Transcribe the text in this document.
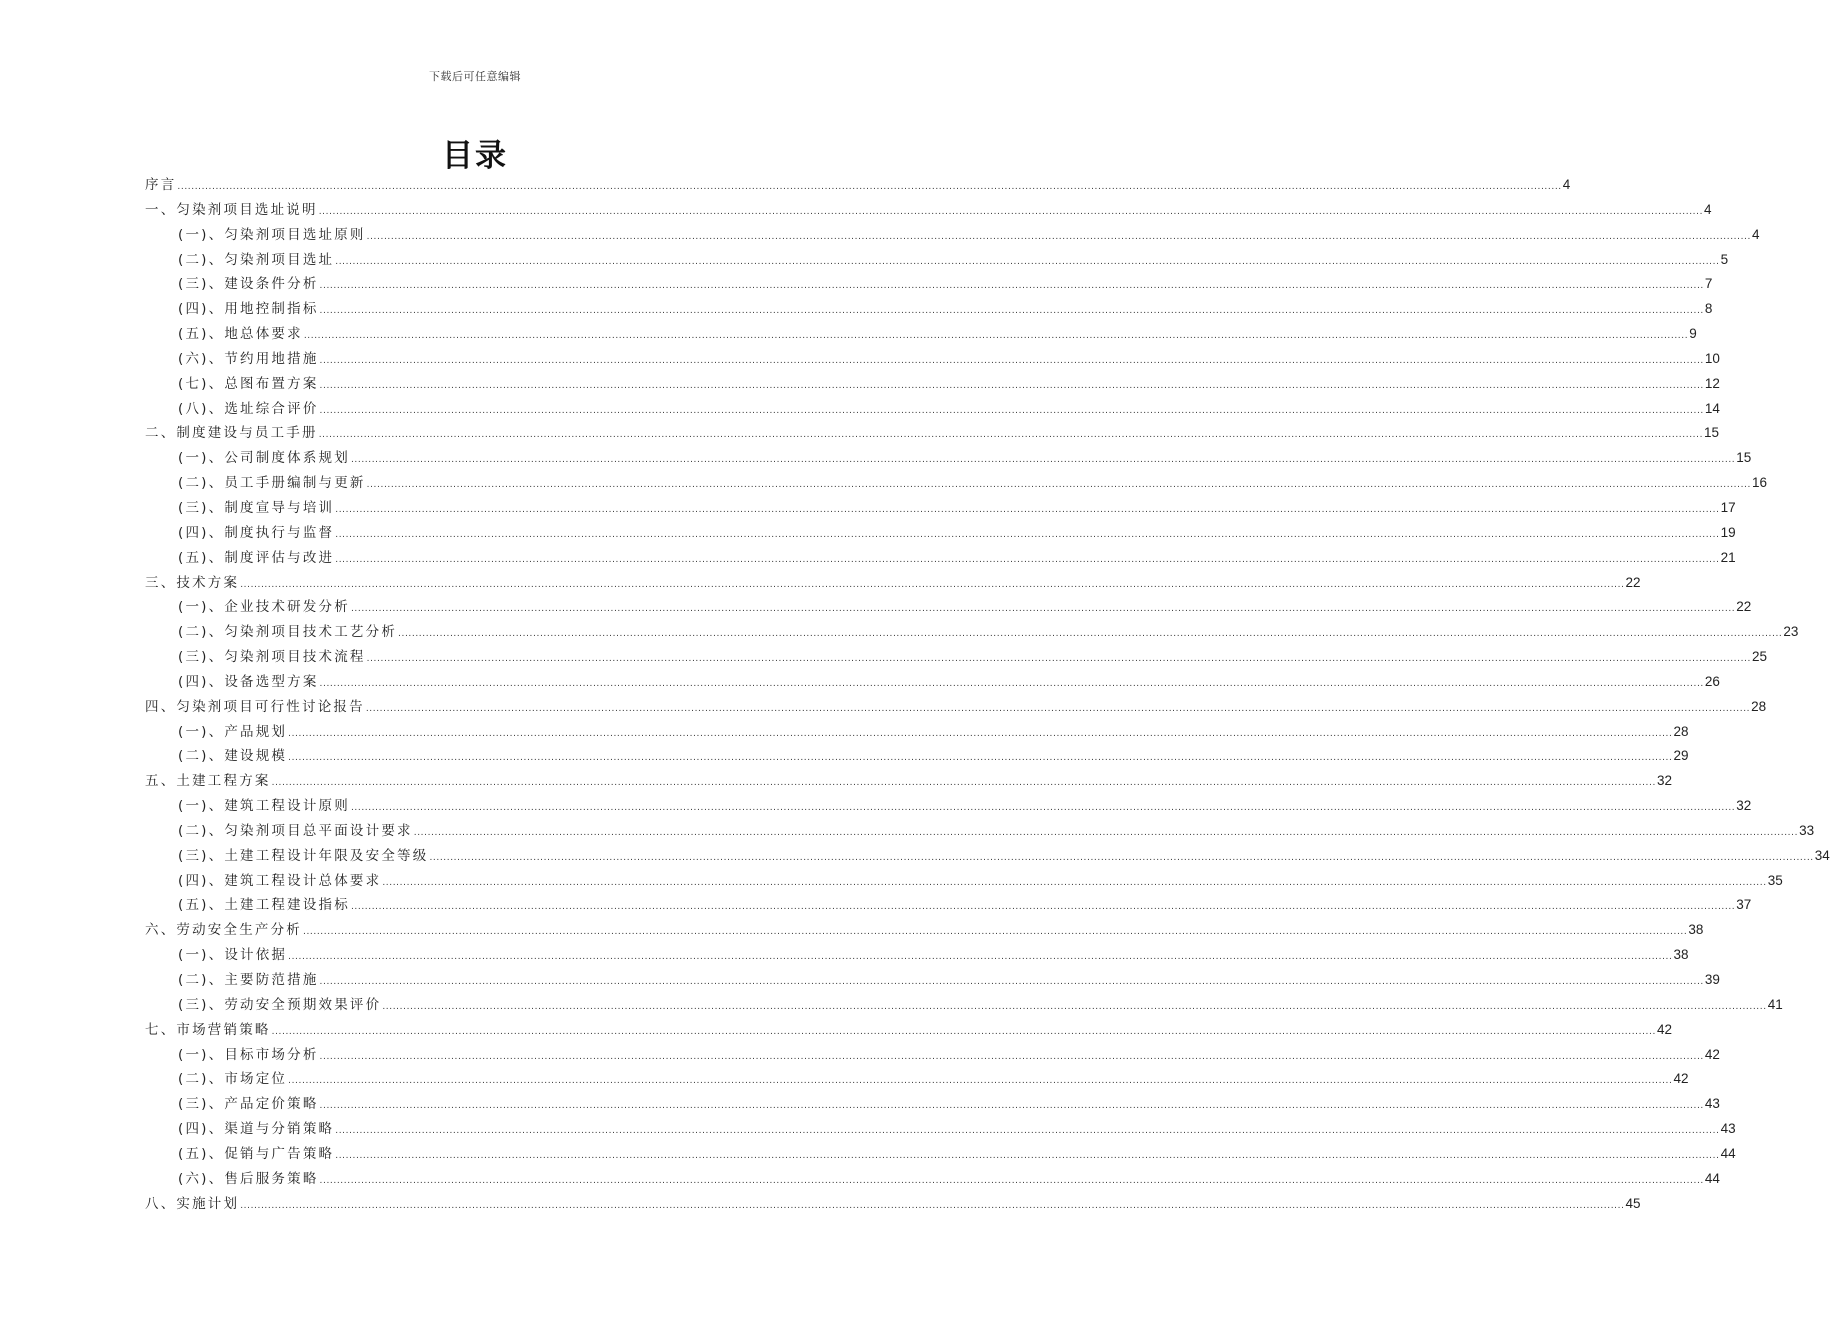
下载后可任意编辑
目录
序言 ................................................................................................................................................................................................................................................................................................................................................................................................................ 4
一、匀染剂项目选址说明 ................................................................................................................................................................................................................................................................................................................................................................................................................ 4
(一)、匀染剂项目选址原则 ................................................................................................................................................................................................................................................................................................................................................................................................................ 4
(二)、匀染剂项目选址 ................................................................................................................................................................................................................................................................................................................................................................................................................ 5
(三)、建设条件分析 ................................................................................................................................................................................................................................................................................................................................................................................................................ 7
(四)、用地控制指标 ................................................................................................................................................................................................................................................................................................................................................................................................................ 8
(五)、地总体要求 ................................................................................................................................................................................................................................................................................................................................................................................................................ 9
(六)、节约用地措施 ................................................................................................................................................................................................................................................................................................................................................................................................................ 10
(七)、总图布置方案 ................................................................................................................................................................................................................................................................................................................................................................................................................ 12
(八)、选址综合评价 ................................................................................................................................................................................................................................................................................................................................................................................................................ 14
二、制度建设与员工手册 ................................................................................................................................................................................................................................................................................................................................................................................................................ 15
(一)、公司制度体系规划 ................................................................................................................................................................................................................................................................................................................................................................................................................ 15
(二)、员工手册编制与更新 ................................................................................................................................................................................................................................................................................................................................................................................................................ 16
(三)、制度宣导与培训 ................................................................................................................................................................................................................................................................................................................................................................................................................ 17
(四)、制度执行与监督 ................................................................................................................................................................................................................................................................................................................................................................................................................ 19
(五)、制度评估与改进 ................................................................................................................................................................................................................................................................................................................................................................................................................ 21
三、技术方案 ................................................................................................................................................................................................................................................................................................................................................................................................................ 22
(一)、企业技术研发分析 ................................................................................................................................................................................................................................................................................................................................................................................................................ 22
(二)、匀染剂项目技术工艺分析 ................................................................................................................................................................................................................................................................................................................................................................................................................ 23
(三)、匀染剂项目技术流程 ................................................................................................................................................................................................................................................................................................................................................................................................................ 25
(四)、设备选型方案 ................................................................................................................................................................................................................................................................................................................................................................................................................ 26
四、匀染剂项目可行性讨论报告 ................................................................................................................................................................................................................................................................................................................................................................................................................ 28
(一)、产品规划 ................................................................................................................................................................................................................................................................................................................................................................................................................ 28
(二)、建设规模 ................................................................................................................................................................................................................................................................................................................................................................................................................ 29
五、土建工程方案 ................................................................................................................................................................................................................................................................................................................................................................................................................ 32
(一)、建筑工程设计原则 ................................................................................................................................................................................................................................................................................................................................................................................................................ 32
(二)、匀染剂项目总平面设计要求 ................................................................................................................................................................................................................................................................................................................................................................................................................ 33
(三)、土建工程设计年限及安全等级 ................................................................................................................................................................................................................................................................................................................................................................................................................ 34
(四)、建筑工程设计总体要求 ................................................................................................................................................................................................................................................................................................................................................................................................................ 35
(五)、土建工程建设指标 ................................................................................................................................................................................................................................................................................................................................................................................................................ 37
六、劳动安全生产分析 ................................................................................................................................................................................................................................................................................................................................................................................................................ 38
(一)、设计依据 ................................................................................................................................................................................................................................................................................................................................................................................................................ 38
(二)、主要防范措施 ................................................................................................................................................................................................................................................................................................................................................................................................................ 39
(三)、劳动安全预期效果评价 ................................................................................................................................................................................................................................................................................................................................................................................................................ 41
七、市场营销策略 ................................................................................................................................................................................................................................................................................................................................................................................................................ 42
(一)、目标市场分析 ................................................................................................................................................................................................................................................................................................................................................................................................................ 42
(二)、市场定位 ................................................................................................................................................................................................................................................................................................................................................................................................................ 42
(三)、产品定价策略 ................................................................................................................................................................................................................................................................................................................................................................................................................ 43
(四)、渠道与分销策略 ................................................................................................................................................................................................................................................................................................................................................................................................................ 43
(五)、促销与广告策略 ................................................................................................................................................................................................................................................................................................................................................................................................................ 44
(六)、售后服务策略 ................................................................................................................................................................................................................................................................................................................................................................................................................ 44
八、实施计划 ................................................................................................................................................................................................................................................................................................................................................................................................................ 45
